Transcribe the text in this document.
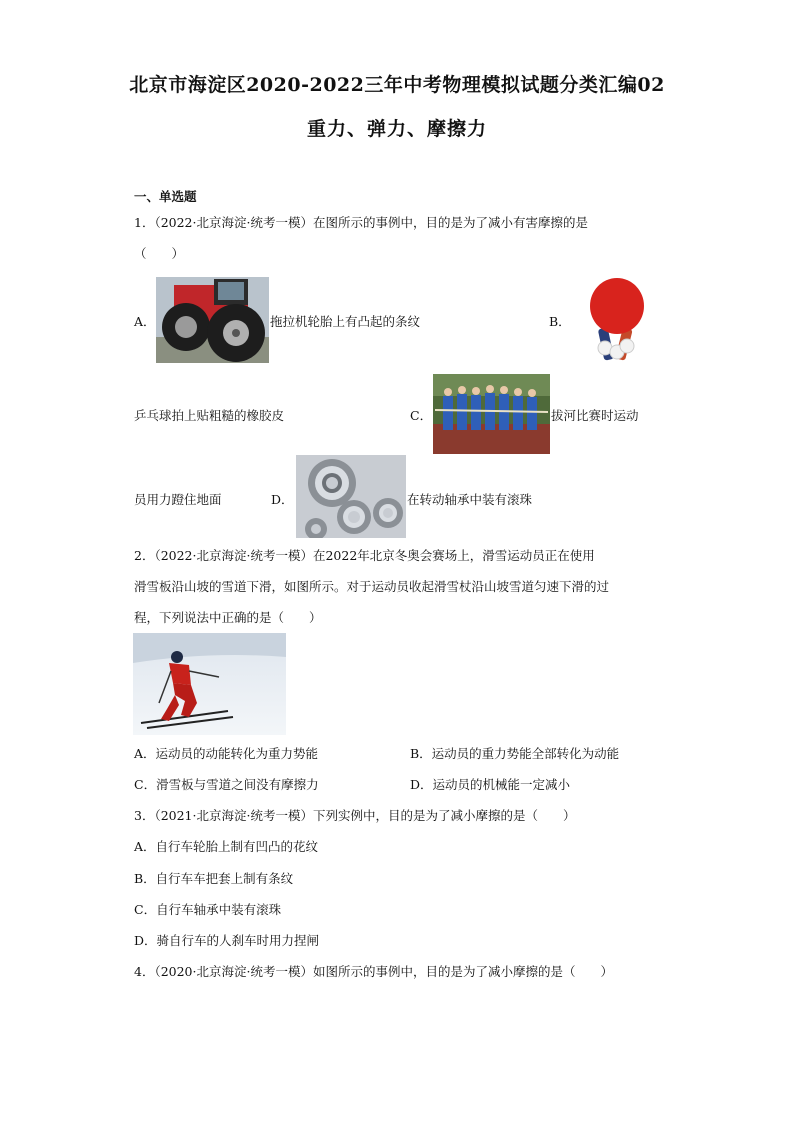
北京市海淀区2020-2022三年中考物理模拟试题分类汇编02
重力、弹力、摩擦力
一、单选题
1．（2022·北京海淀·统考一模）在图所示的事例中，目的是为了减小有害摩擦的是
（　　）
A．	拖拉机轮胎上有凸起的条纹	B．
乒乓球拍上贴粗糙的橡胶皮	C．	拔河比赛时运动
员用力蹬住地面	D．	在转动轴承中装有滚珠
2．（2022·北京海淀·统考一模）在2022年北京冬奥会赛场上，滑雪运动员正在使用
滑雪板沿山坡的雪道下滑，如图所示。对于运动员收起滑雪杖沿山坡雪道匀速下滑的过
程，下列说法中正确的是（　　）
A．运动员的动能转化为重力势能	B．运动员的重力势能全部转化为动能
C．滑雪板与雪道之间没有摩擦力	D．运动员的机械能一定减小
3．（2021·北京海淀·统考一模）下列实例中，目的是为了减小摩擦的是（　　）
A．自行车轮胎上制有凹凸的花纹
B．自行车车把套上制有条纹
C．自行车轴承中装有滚珠
D．骑自行车的人刹车时用力捏闸
4．（2020·北京海淀·统考一模）如图所示的事例中，目的是为了减小摩擦的是（　　）
